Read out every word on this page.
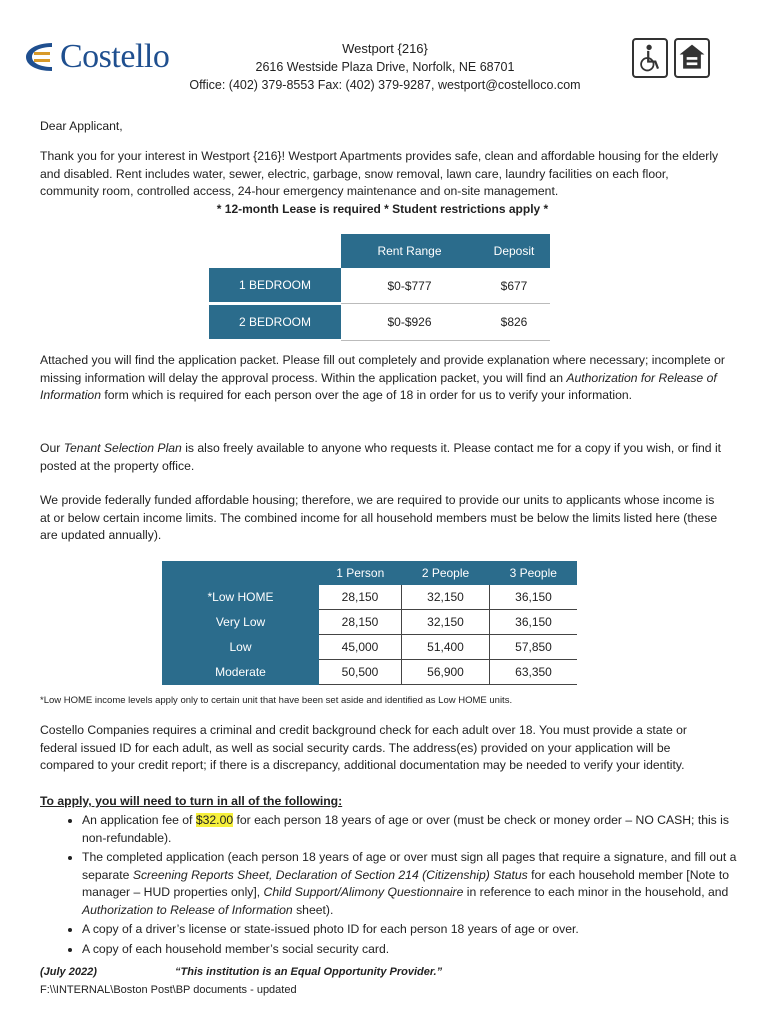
Costello	Westport {216}
2616 Westside Plaza Drive, Norfolk, NE 68701
Office: (402) 379-8553 Fax: (402) 379-9287, westport@costelloco.com
Dear Applicant,
Thank you for your interest in Westport {216}! Westport Apartments provides safe, clean and affordable housing for the elderly and disabled. Rent includes water, sewer, electric, garbage, snow removal, lawn care, laundry facilities on each floor, community room, controlled access, 24-hour emergency maintenance and on-site management.
* 12-month Lease is required * Student restrictions apply *
	Rent Range	Deposit
1 BEDROOM	$0-$777	$677
2 BEDROOM	$0-$926	$826
Attached you will find the application packet. Please fill out completely and provide explanation where necessary; incomplete or missing information will delay the approval process. Within the application packet, you will find an Authorization for Release of Information form which is required for each person over the age of 18 in order for us to verify your information.
Our Tenant Selection Plan is also freely available to anyone who requests it. Please contact me for a copy if you wish, or find it posted at the property office.
We provide federally funded affordable housing; therefore, we are required to provide our units to applicants whose income is at or below certain income limits. The combined income for all household members must be below the limits listed here (these are updated annually).
	1 Person	2 People	3 People
*Low HOME	28,150	32,150	36,150
Very Low	28,150	32,150	36,150
Low	45,000	51,400	57,850
Moderate	50,500	56,900	63,350
*Low HOME income levels apply only to certain unit that have been set aside and identified as Low HOME units.
Costello Companies requires a criminal and credit background check for each adult over 18. You must provide a state or federal issued ID for each adult, as well as social security cards. The address(es) provided on your application will be compared to your credit report; if there is a discrepancy, additional documentation may be needed to verify your identity.
To apply, you will need to turn in all of the following:
• An application fee of $32.00 for each person 18 years of age or over (must be check or money order – NO CASH; this is non-refundable).
• The completed application (each person 18 years of age or over must sign all pages that require a signature, and fill out a separate Screening Reports Sheet, Declaration of Section 214 (Citizenship) Status for each household member [Note to manager – HUD properties only], Child Support/Alimony Questionnaire in reference to each minor in the household, and Authorization to Release of Information sheet).
• A copy of a driver’s license or state-issued photo ID for each person 18 years of age or over.
• A copy of each household member’s social security card.
(July 2022)	“This institution is an Equal Opportunity Provider.”
F:\\INTERNAL\Boston Post\BP documents - updated
